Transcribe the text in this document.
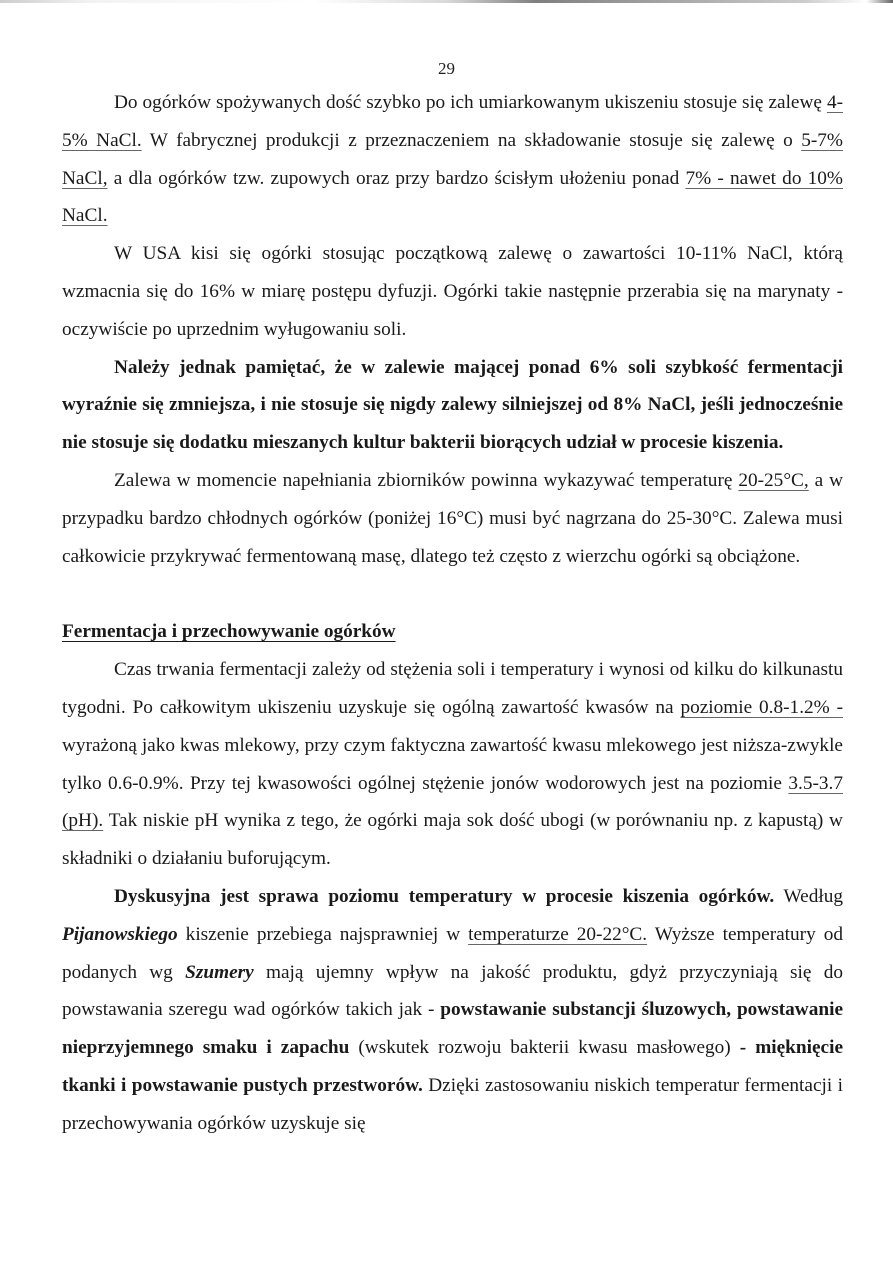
29

Do ogórków spożywanych dość szybko po ich umiarkowanym ukiszeniu stosuje się zalewę 4-5% NaCl. W fabrycznej produkcji z przeznaczeniem na składowanie stosuje się zalewę o 5-7% NaCl, a dla ogórków tzw. zupowych oraz przy bardzo ścisłym ułożeniu ponad 7% - nawet do 10% NaCl.

W USA kisi się ogórki stosując początkową zalewę o zawartości 10-11% NaCl, którą wzmacnia się do 16% w miarę postępu dyfuzji. Ogórki takie następnie przerabia się na marynaty - oczywiście po uprzednim wyługowaniu soli.

Należy jednak pamiętać, że w zalewie mającej ponad 6% soli szybkość fermentacji wyraźnie się zmniejsza, i nie stosuje się nigdy zalewy silniejszej od 8% NaCl, jeśli jednocześnie nie stosuje się dodatku mieszanych kultur bakterii biorących udział w procesie kiszenia.

Zalewa w momencie napełniania zbiorników powinna wykazywać temperaturę 20-25°C, a w przypadku bardzo chłodnych ogórków (poniżej 16°C) musi być nagrzana do 25-30°C. Zalewa musi całkowicie przykrywać fermentowaną masę, dlatego też często z wierzchu ogórki są obciążone.

Fermentacja i przechowywanie ogórków

Czas trwania fermentacji zależy od stężenia soli i temperatury i wynosi od kilku do kilkunastu tygodni. Po całkowitym ukiszeniu uzyskuje się ogólną zawartość kwasów na poziomie 0.8-1.2% - wyrażoną jako kwas mlekowy, przy czym faktyczna zawartość kwasu mlekowego jest niższa-zwykle tylko 0.6-0.9%. Przy tej kwasowości ogólnej stężenie jonów wodorowych jest na poziomie 3.5-3.7 (pH). Tak niskie pH wynika z tego, że ogórki maja sok dość ubogi (w porównaniu np. z kapustą) w składniki o działaniu buforującym.

Dyskusyjna jest sprawa poziomu temperatury w procesie kiszenia ogórków. Według Pijanowskiego kiszenie przebiega najsprawniej w temperaturze 20-22°C. Wyższe temperatury od podanych wg Szumery mają ujemny wpływ na jakość produktu, gdyż przyczyniają się do powstawania szeregu wad ogórków takich jak - powstawanie substancji śluzowych, powstawanie nieprzyjemnego smaku i zapachu (wskutek rozwoju bakterii kwasu masłowego) - mięknięcie tkanki i powstawanie pustych przestworów. Dzięki zastosowaniu niskich temperatur fermentacji i przechowywania ogórków uzyskuje się
